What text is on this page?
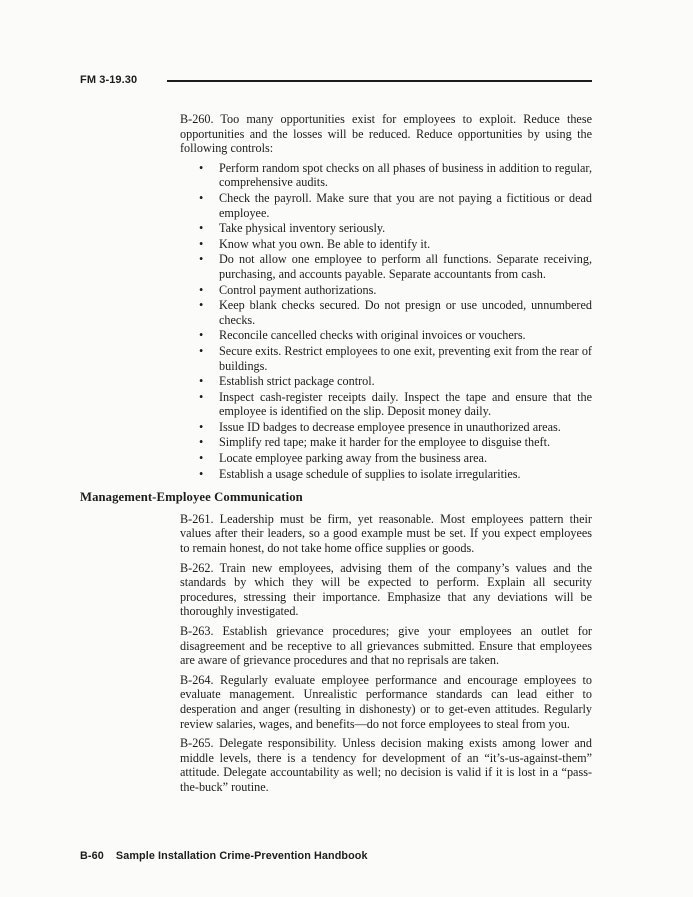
FM 3-19.30

B-260. Too many opportunities exist for employees to exploit. Reduce these opportunities and the losses will be reduced. Reduce opportunities by using the following controls:

• Perform random spot checks on all phases of business in addition to regular, comprehensive audits.
• Check the payroll. Make sure that you are not paying a fictitious or dead employee.
• Take physical inventory seriously.
• Know what you own. Be able to identify it.
• Do not allow one employee to perform all functions. Separate receiving, purchasing, and accounts payable. Separate accountants from cash.
• Control payment authorizations.
• Keep blank checks secured. Do not presign or use uncoded, unnumbered checks.
• Reconcile cancelled checks with original invoices or vouchers.
• Secure exits. Restrict employees to one exit, preventing exit from the rear of buildings.
• Establish strict package control.
• Inspect cash-register receipts daily. Inspect the tape and ensure that the employee is identified on the slip. Deposit money daily.
• Issue ID badges to decrease employee presence in unauthorized areas.
• Simplify red tape; make it harder for the employee to disguise theft.
• Locate employee parking away from the business area.
• Establish a usage schedule of supplies to isolate irregularities.
Management-Employee Communication

B-261. Leadership must be firm, yet reasonable. Most employees pattern their values after their leaders, so a good example must be set. If you expect employees to remain honest, do not take home office supplies or goods.

B-262. Train new employees, advising them of the company’s values and the standards by which they will be expected to perform. Explain all security procedures, stressing their importance. Emphasize that any deviations will be thoroughly investigated.

B-263. Establish grievance procedures; give your employees an outlet for disagreement and be receptive to all grievances submitted. Ensure that employees are aware of grievance procedures and that no reprisals are taken.

B-264. Regularly evaluate employee performance and encourage employees to evaluate management. Unrealistic performance standards can lead either to desperation and anger (resulting in dishonesty) or to get-even attitudes. Regularly review salaries, wages, and benefits—do not force employees to steal from you.

B-265. Delegate responsibility. Unless decision making exists among lower and middle levels, there is a tendency for development of an “it’s-us-against-them” attitude. Delegate accountability as well; no decision is valid if it is lost in a “pass-the-buck” routine.

B-60 Sample Installation Crime-Prevention Handbook
